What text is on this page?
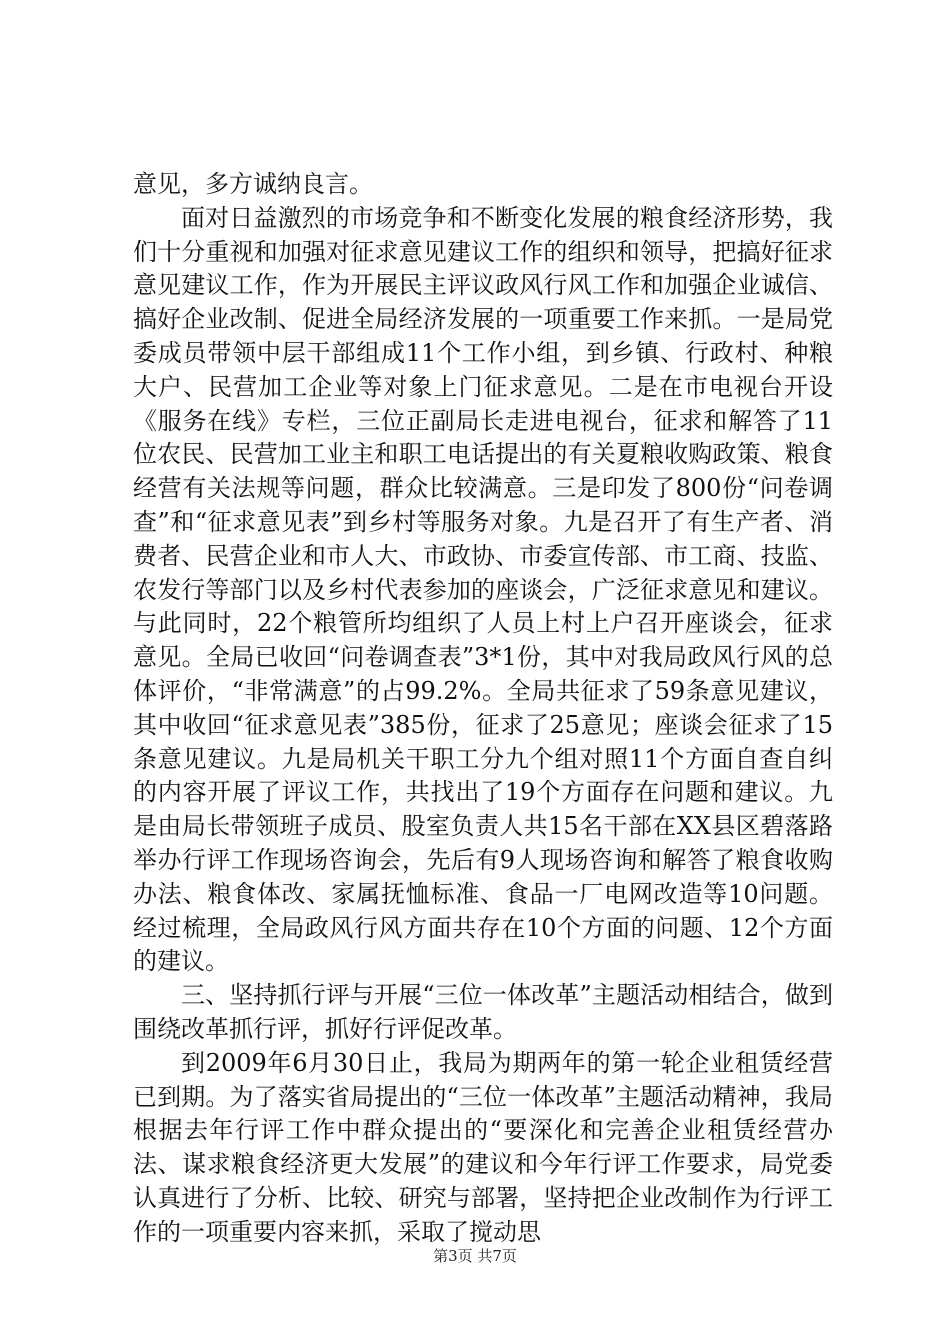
意见，多方诚纳良言。

面对日益激烈的市场竞争和不断变化发展的粮食经济形势，我们十分重视和加强对征求意见建议工作的组织和领导，把搞好征求意见建议工作，作为开展民主评议政风行风工作和加强企业诚信、搞好企业改制、促进全局经济发展的一项重要工作来抓。一是局党委成员带领中层干部组成11个工作小组，到乡镇、行政村、种粮大户、民营加工企业等对象上门征求意见。二是在市电视台开设《服务在线》专栏，三位正副局长走进电视台，征求和解答了11位农民、民营加工业主和职工电话提出的有关夏粮收购政策、粮食经营有关法规等问题，群众比较满意。三是印发了800份“问卷调查”和“征求意见表”到乡村等服务对象。九是召开了有生产者、消费者、民营企业和市人大、市政协、市委宣传部、市工商、技监、农发行等部门以及乡村代表参加的座谈会，广泛征求意见和建议。与此同时，22个粮管所均组织了人员上村上户召开座谈会，征求意见。全局已收回“问卷调查表”3*1份，其中对我局政风行风的总体评价，“非常满意”的占99.2%。全局共征求了59条意见建议，其中收回“征求意见表”385份，征求了25意见；座谈会征求了15条意见建议。九是局机关干职工分九个组对照11个方面自查自纠的内容开展了评议工作，共找出了19个方面存在问题和建议。九是由局长带领班子成员、股室负责人共15名干部在XX县区碧落路举办行评工作现场咨询会，先后有9人现场咨询和解答了粮食收购办法、粮食体改、家属抚恤标准、食品一厂电网改造等10问题。经过梳理，全局政风行风方面共存在10个方面的问题、12个方面的建议。

三、坚持抓行评与开展“三位一体改革”主题活动相结合，做到围绕改革抓行评，抓好行评促改革。

到2009年6月30日止，我局为期两年的第一轮企业租赁经营已到期。为了落实省局提出的“三位一体改革”主题活动精神，我局根据去年行评工作中群众提出的“要深化和完善企业租赁经营办法、谋求粮食经济更大发展”的建议和今年行评工作要求，局党委认真进行了分析、比较、研究与部署，坚持把企业改制作为行评工作的一项重要内容来抓，采取了搅动思

第3页 共7页
